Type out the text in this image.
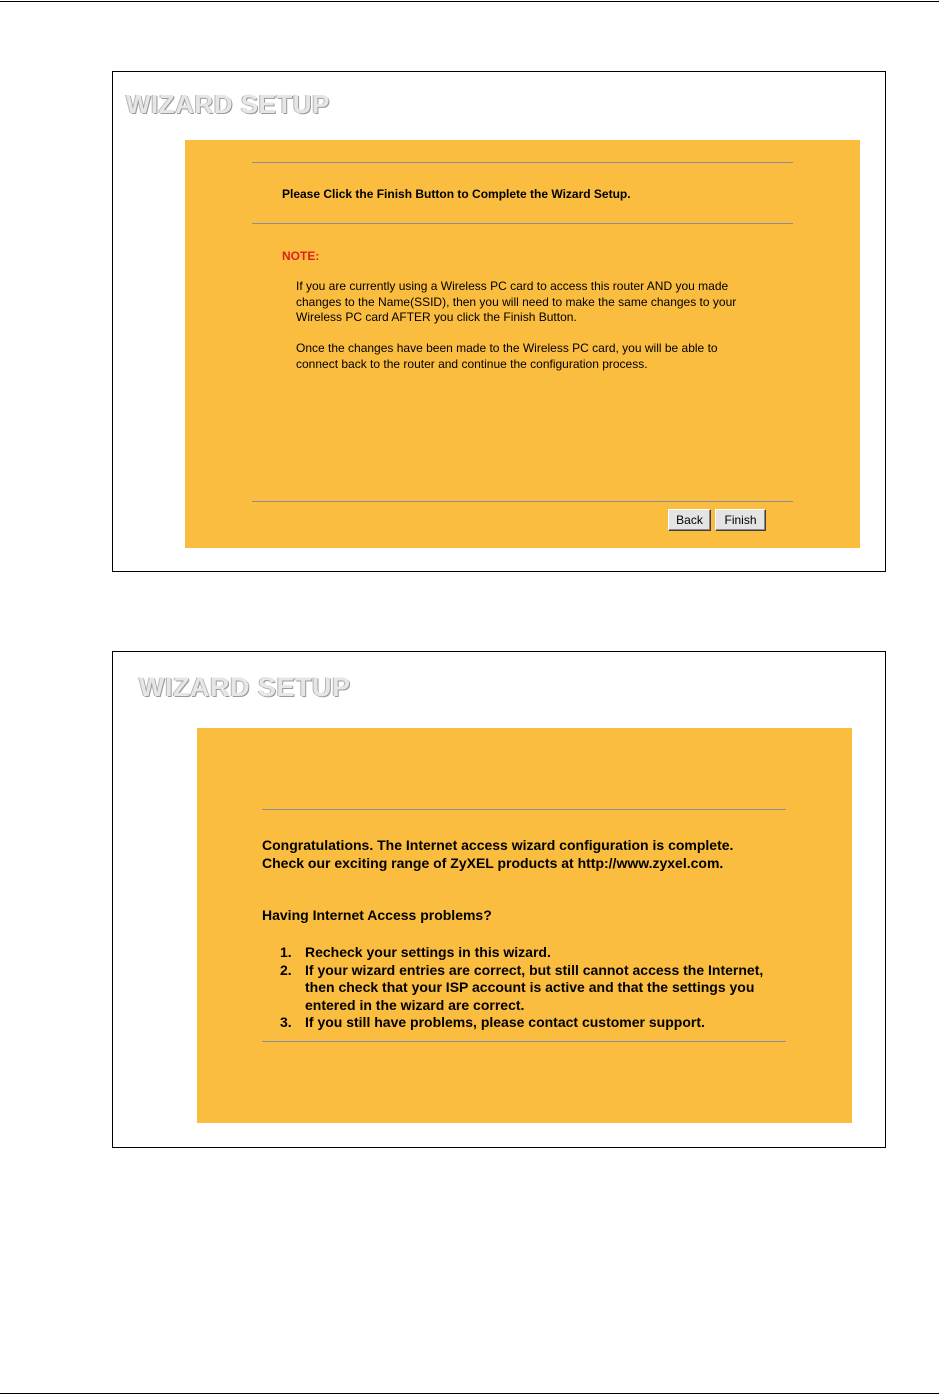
WIZARD SETUP

Please Click the Finish Button to Complete the Wizard Setup.

NOTE:

If you are currently using a Wireless PC card to access this router AND you made changes to the Name(SSID), then you will need to make the same changes to your Wireless PC card AFTER you click the Finish Button.

Once the changes have been made to the Wireless PC card, you will be able to connect back to the router and continue the configuration process.

Back	Finish
WIZARD SETUP

Congratulations. The Internet access wizard configuration is complete.

Check our exciting range of ZyXEL products at http://www.zyxel.com.

Having Internet Access problems?

1. Recheck your settings in this wizard.
2. If your wizard entries are correct, but still cannot access the Internet, then check that your ISP account is active and that the settings you entered in the wizard are correct.
3. If you still have problems, please contact customer support.
